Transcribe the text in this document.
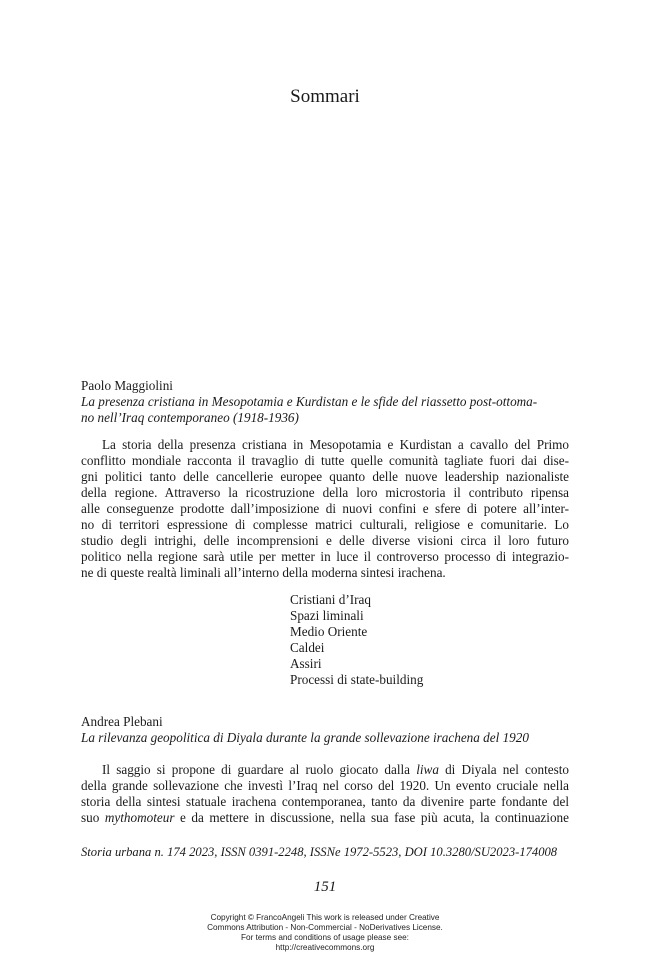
Sommari
Paolo Maggiolini
La presenza cristiana in Mesopotamia e Kurdistan e le sfide del riassetto post-ottoma-
no nell’Iraq contemporaneo (1918-1936)
La storia della presenza cristiana in Mesopotamia e Kurdistan a cavallo del Primo
conflitto mondiale racconta il travaglio di tutte quelle comunità tagliate fuori dai dise-
gni politici tanto delle cancellerie europee quanto delle nuove leadership nazionaliste
della regione. Attraverso la ricostruzione della loro microstoria il contributo ripensa
alle conseguenze prodotte dall’imposizione di nuovi confini e sfere di potere all’inter-
no di territori espressione di complesse matrici culturali, religiose e comunitarie. Lo
studio degli intrighi, delle incomprensioni e delle diverse visioni circa il loro futuro
politico nella regione sarà utile per metter in luce il controverso processo di integrazio-
ne di queste realtà liminali all’interno della moderna sintesi irachena.
Cristiani d’Iraq
Spazi liminali
Medio Oriente
Caldei
Assiri
Processi di state-building
Andrea Plebani
La rilevanza geopolitica di Diyala durante la grande sollevazione irachena del 1920
Il saggio si propone di guardare al ruolo giocato dalla liwa di Diyala nel contesto
della grande sollevazione che investì l’Iraq nel corso del 1920. Un evento cruciale nella
storia della sintesi statuale irachena contemporanea, tanto da divenire parte fondante del
suo mythomoteur e da mettere in discussione, nella sua fase più acuta, la continuazione
Storia urbana n. 174 2023, ISSN 0391-2248, ISSNe 1972-5523, DOI 10.3280/SU2023-174008
151
Copyright © FrancoAngeli This work is released under Creative
Commons Attribution - Non-Commercial - NoDerivatives License.
For terms and conditions of usage please see:
http://creativecommons.org
